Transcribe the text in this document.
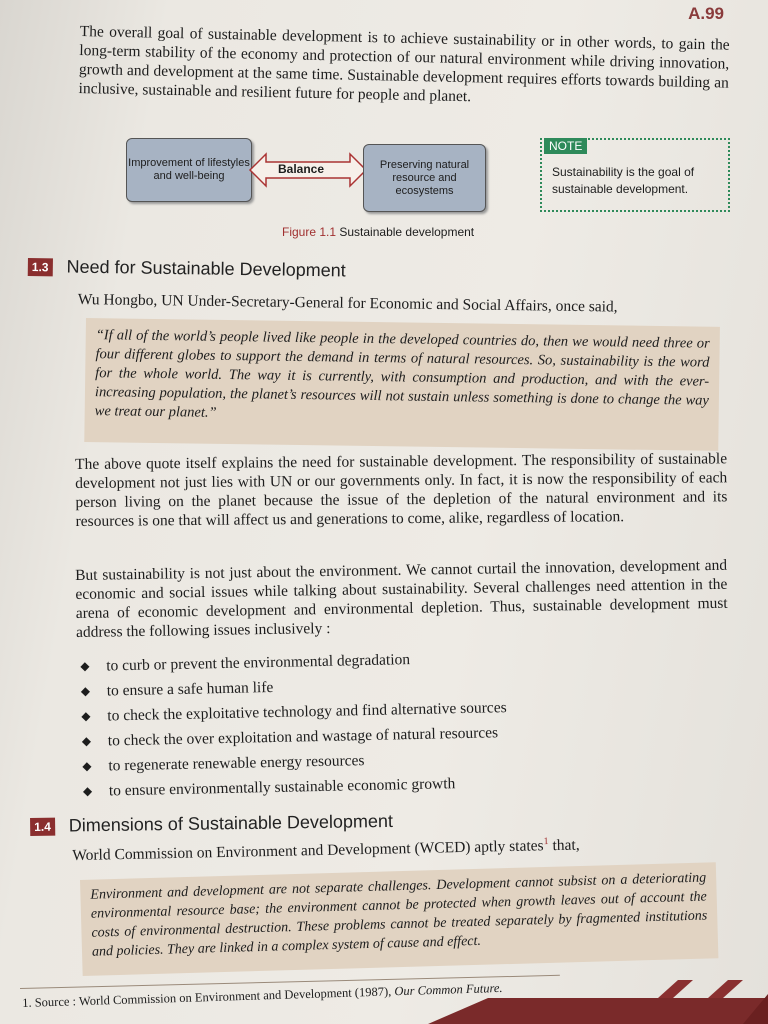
A.99

The overall goal of sustainable development is to achieve sustainability or in other words, to gain the long-term stability of the economy and protection of our natural environment while driving innovation, growth and development at the same time. Sustainable development requires efforts towards building an inclusive, sustainable and resilient future for people and planet.

Improvement of lifestyles and well-being	Balance	Preserving natural resource and ecosystems
Figure 1.1 Sustainable development
NOTE
Sustainability is the goal of sustainable development.
1.3 Need for Sustainable Development

Wu Hongbo, UN Under-Secretary-General for Economic and Social Affairs, once said,

“If all of the world’s people lived like people in the developed countries do, then we would need three or four different globes to support the demand in terms of natural resources. So, sustainability is the word for the whole world. The way it is currently, with consumption and production, and with the ever-increasing population, the planet’s resources will not sustain unless something is done to change the way we treat our planet.”

The above quote itself explains the need for sustainable development. The responsibility of sustainable development not just lies with UN or our governments only. In fact, it is now the responsibility of each person living on the planet because the issue of the depletion of the natural environment and its resources is one that will affect us and generations to come, alike, regardless of location.

But sustainability is not just about the environment. We cannot curtail the innovation, development and economic and social issues while talking about sustainability. Several challenges need attention in the arena of economic development and environmental depletion. Thus, sustainable development must address the following issues inclusively :

◆	to curb or prevent the environmental degradation
◆	to ensure a safe human life
◆	to check the exploitative technology and find alternative sources
◆	to check the over exploitation and wastage of natural resources
◆	to regenerate renewable energy resources
◆	to ensure environmentally sustainable economic growth
1.4 Dimensions of Sustainable Development

World Commission on Environment and Development (WCED) aptly states$^1$ that,

Environment and development are not separate challenges. Development cannot subsist on a deteriorating environmental resource base; the environment cannot be protected when growth leaves out of account the costs of environmental destruction. These problems cannot be treated separately by fragmented institutions and policies. They are linked in a complex system of cause and effect.

1. Source : World Commission on Environment and Development (1987), Our Common Future.
